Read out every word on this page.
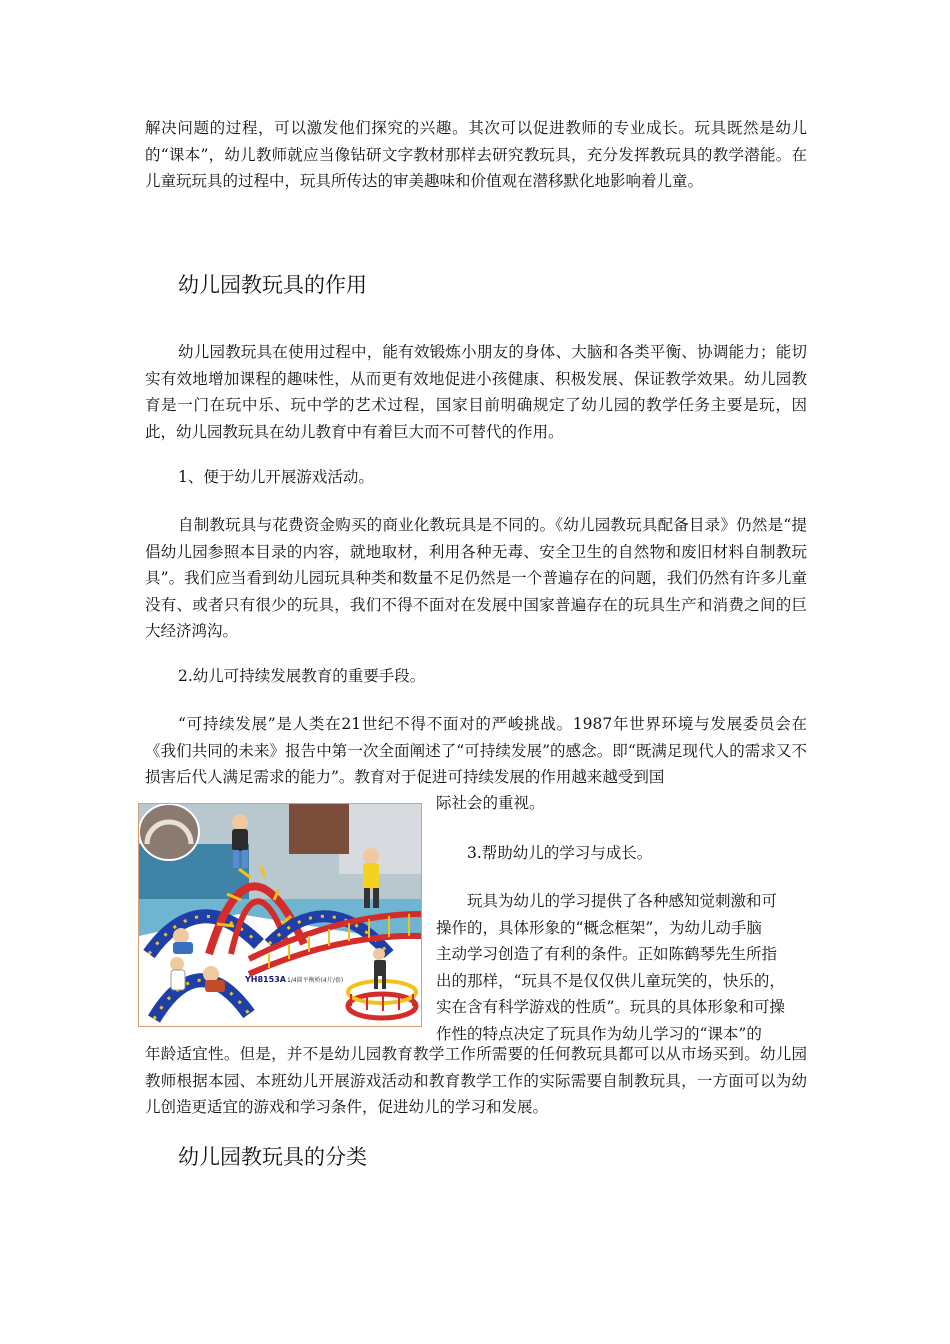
解决问题的过程，可以激发他们探究的兴趣。其次可以促进教师的专业成长。玩具既然是幼儿的“课本”，幼儿教师就应当像钻研文字教材那样去研究教玩具，充分发挥教玩具的教学潜能。在儿童玩玩具的过程中，玩具所传达的审美趣味和价值观在潜移默化地影响着儿童。

幼儿园教玩具的作用

幼儿园教玩具在使用过程中，能有效锻炼小朋友的身体、大脑和各类平衡、协调能力；能切实有效地增加课程的趣味性，从而更有效地促进小孩健康、积极发展、保证教学效果。幼儿园教育是一门在玩中乐、玩中学的艺术过程，国家目前明确规定了幼儿园的教学任务主要是玩，因此，幼儿园教玩具在幼儿教育中有着巨大而不可替代的作用。

1、便于幼儿开展游戏活动。

自制教玩具与花费资金购买的商业化教玩具是不同的。《幼儿园教玩具配备目录》仍然是“提倡幼儿园参照本目录的内容，就地取材，利用各种无毒、安全卫生的自然物和废旧材料自制教玩具”。我们应当看到幼儿园玩具种类和数量不足仍然是一个普遍存在的问题，我们仍然有许多儿童没有、或者只有很少的玩具，我们不得不面对在发展中国家普遍存在的玩具生产和消费之间的巨大经济鸿沟。

2.幼儿可持续发展教育的重要手段。

“可持续发展”是人类在21世纪不得不面对的严峻挑战。1987年世界环境与发展委员会在《我们共同的未来》报告中第一次全面阐述了“可持续发展”的感念。即“既满足现代人的需求又不损害后代人满足需求的能力”。教育对于促进可持续发展的作用越来越受到国

际社会的重视。

YH8153A 1/4圆平衡桥(4片/套)

3.帮助幼儿的学习与成长。

玩具为幼儿的学习提供了各种感知觉刺激和可
操作的，具体形象的“概念框架”，为幼儿动手脑
主动学习创造了有利的条件。正如陈鹤琴先生所指
出的那样，“玩具不是仅仅供儿童玩笑的，快乐的，
实在含有科学游戏的性质”。玩具的具体形象和可操
作性的特点决定了玩具作为幼儿学习的“课本”的

年龄适宜性。但是，并不是幼儿园教育教学工作所需要的任何教玩具都可以从市场买到。幼儿园教师根据本园、本班幼儿开展游戏活动和教育教学工作的实际需要自制教玩具，一方面可以为幼儿创造更适宜的游戏和学习条件，促进幼儿的学习和发展。

幼儿园教玩具的分类
